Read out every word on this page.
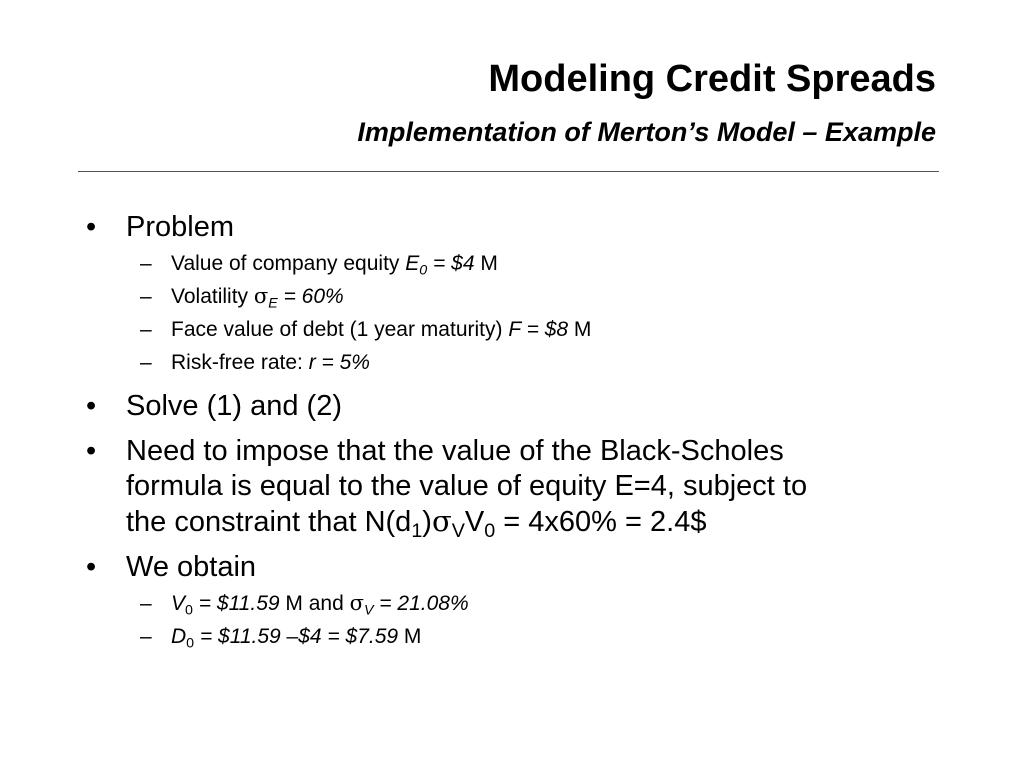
Modeling Credit Spreads
Implementation of Merton’s Model – Example
• Problem
– Value of company equity $E_0$ = $4 M
– Volatility $\sigma_E = 60\%$
– Face value of debt (1 year maturity) F = $8 M
– Risk-free rate: r = 5%
• Solve (1) and (2)
• Need to impose that the value of the Black-Scholes
formula is equal to the value of equity E=4, subject to
the constraint that $N(d_1)\sigma_VV_0 = 4x60\%$ = 2.4$
• We obtain
– $V_0$ = $11.59 M and $\sigma_V = 21.08\%$
– $D_0$ = $11.59 –$4 = $7.59 M
